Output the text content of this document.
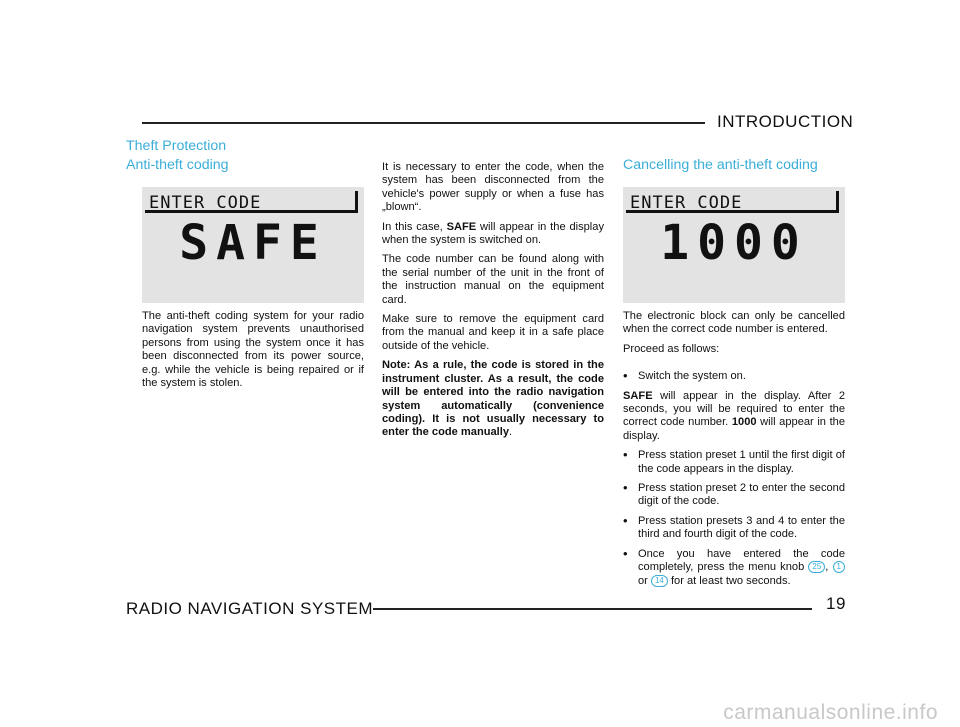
INTRODUCTION
Theft Protection
Anti-theft coding	Cancelling the anti-theft coding
ENTER CODE
SAFE

The anti-theft coding system for your radio navigation system prevents unauthorised persons from using the system once it has been disconnected from its power source, e.g. while the vehicle is being repaired or if the system is stolen.

It is necessary to enter the code, when the system has been disconnected from the vehicle's power supply or when a fuse has „blown“.

In this case, SAFE will appear in the display when the system is switched on.

The code number can be found along with the serial number of the unit in the front of the instruction manual on the equipment card.

Make sure to remove the equipment card from the manual and keep it in a safe place outside of the vehicle.

Note: As a rule, the code is stored in the instrument cluster. As a result, the code will be entered into the radio navigation system automatically (convenience coding). It is not usually necessary to enter the code manually.

ENTER CODE
1000

The electronic block can only be cancelled when the correct code number is entered.

Proceed as follows:

• Switch the system on.

SAFE will appear in the display. After 2 seconds, you will be required to enter the correct code number. 1000 will appear in the display.

• Press station preset 1 until the first digit of the code appears in the display.
• Press station preset 2 to enter the second digit of the code.
• Press station presets 3 and 4 to enter the third and fourth digit of the code.
• Once you have entered the code completely, press the menu knob 25 , 1 or 14 for at least two seconds.
RADIO NAVIGATION SYSTEM	19
carmanualsonline.info
